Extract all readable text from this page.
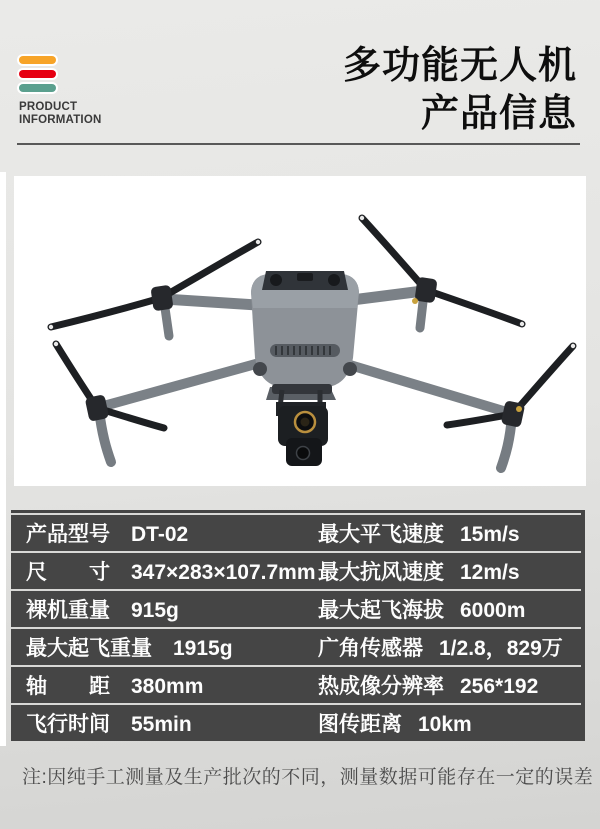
PRODUCT
INFORMATION
多功能无人机
产品信息
产品型号 DT-02	最大平飞速度 15m/s
尺寸 347×283×107.7mm 最大抗风速度 12m/s
裸机重量 915g	最大起飞海拔 6000m
最大起飞重量 1915g	广角传感器 1/2.8，829万
轴距 380mm	热成像分辨率 256*192
飞行时间 55min	图传距离 10km
注:因纯手工测量及生产批次的不同，测量数据可能存在一定的误差
